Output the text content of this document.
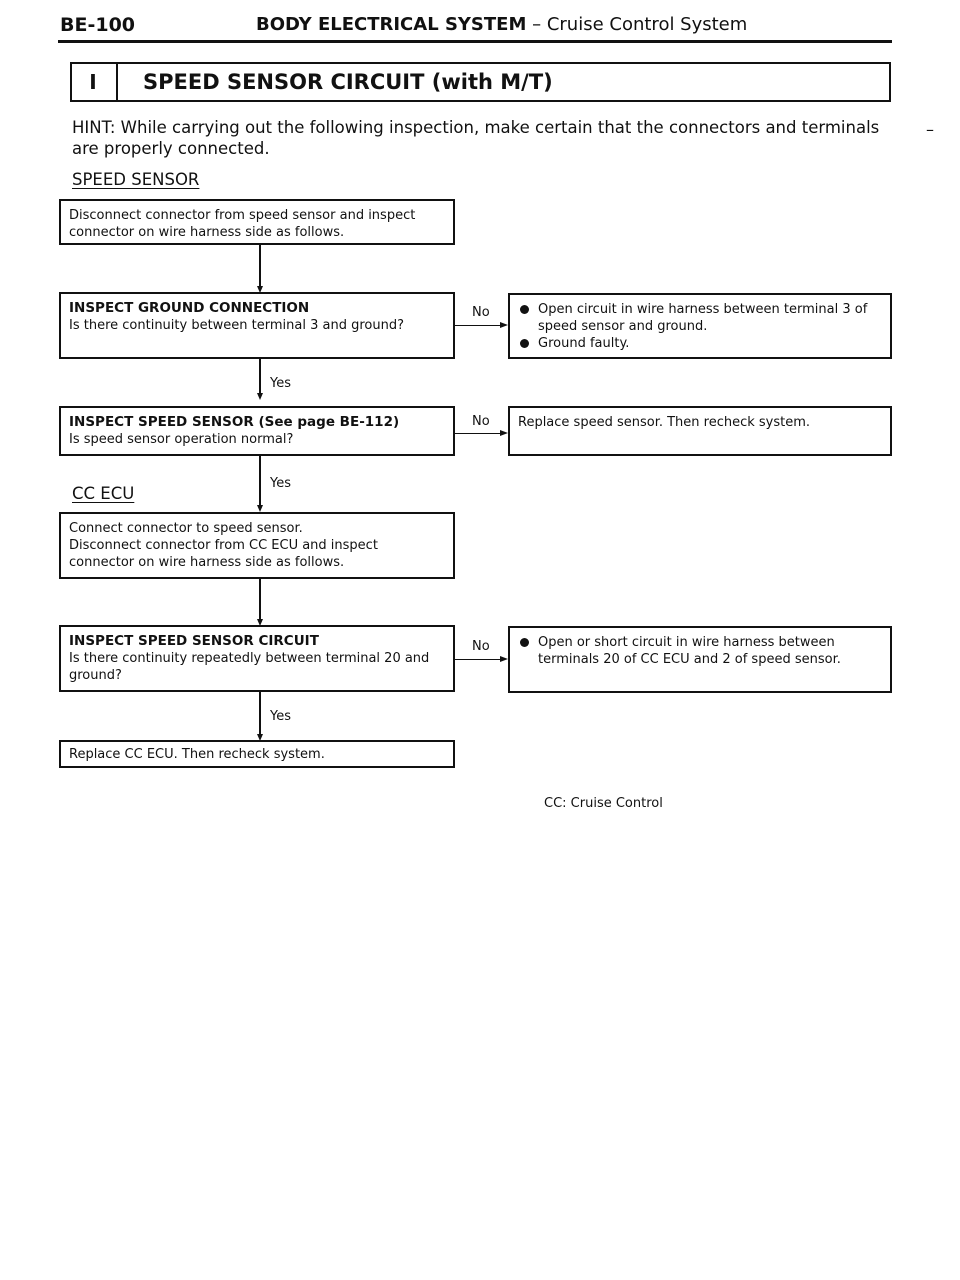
BE-100	BODY ELECTRICAL SYSTEM – Cruise Control System
I	SPEED SENSOR CIRCUIT (with M/T)
HINT: While carrying out the following inspection, make certain that the connectors and terminals are properly connected.
–
SPEED SENSOR
Disconnect connector from speed sensor and inspect connector on wire harness side as follows.
INSPECT GROUND CONNECTION
Is there continuity between terminal 3 and ground?
No	Open circuit in wire harness between terminal 3 of speed sensor and ground.
Ground faulty.
Yes
INSPECT SPEED SENSOR (See page BE-112)
Is speed sensor operation normal?
No	Replace speed sensor. Then recheck system.
Yes
CC ECU
Connect connector to speed sensor.
Disconnect connector from CC ECU and inspect
connector on wire harness side as follows.
INSPECT SPEED SENSOR CIRCUIT
Is there continuity repeatedly between terminal 20 and ground?
No	Open or short circuit in wire harness between terminals 20 of CC ECU and 2 of speed sensor.
Yes
Replace CC ECU. Then recheck system.
CC: Cruise Control
